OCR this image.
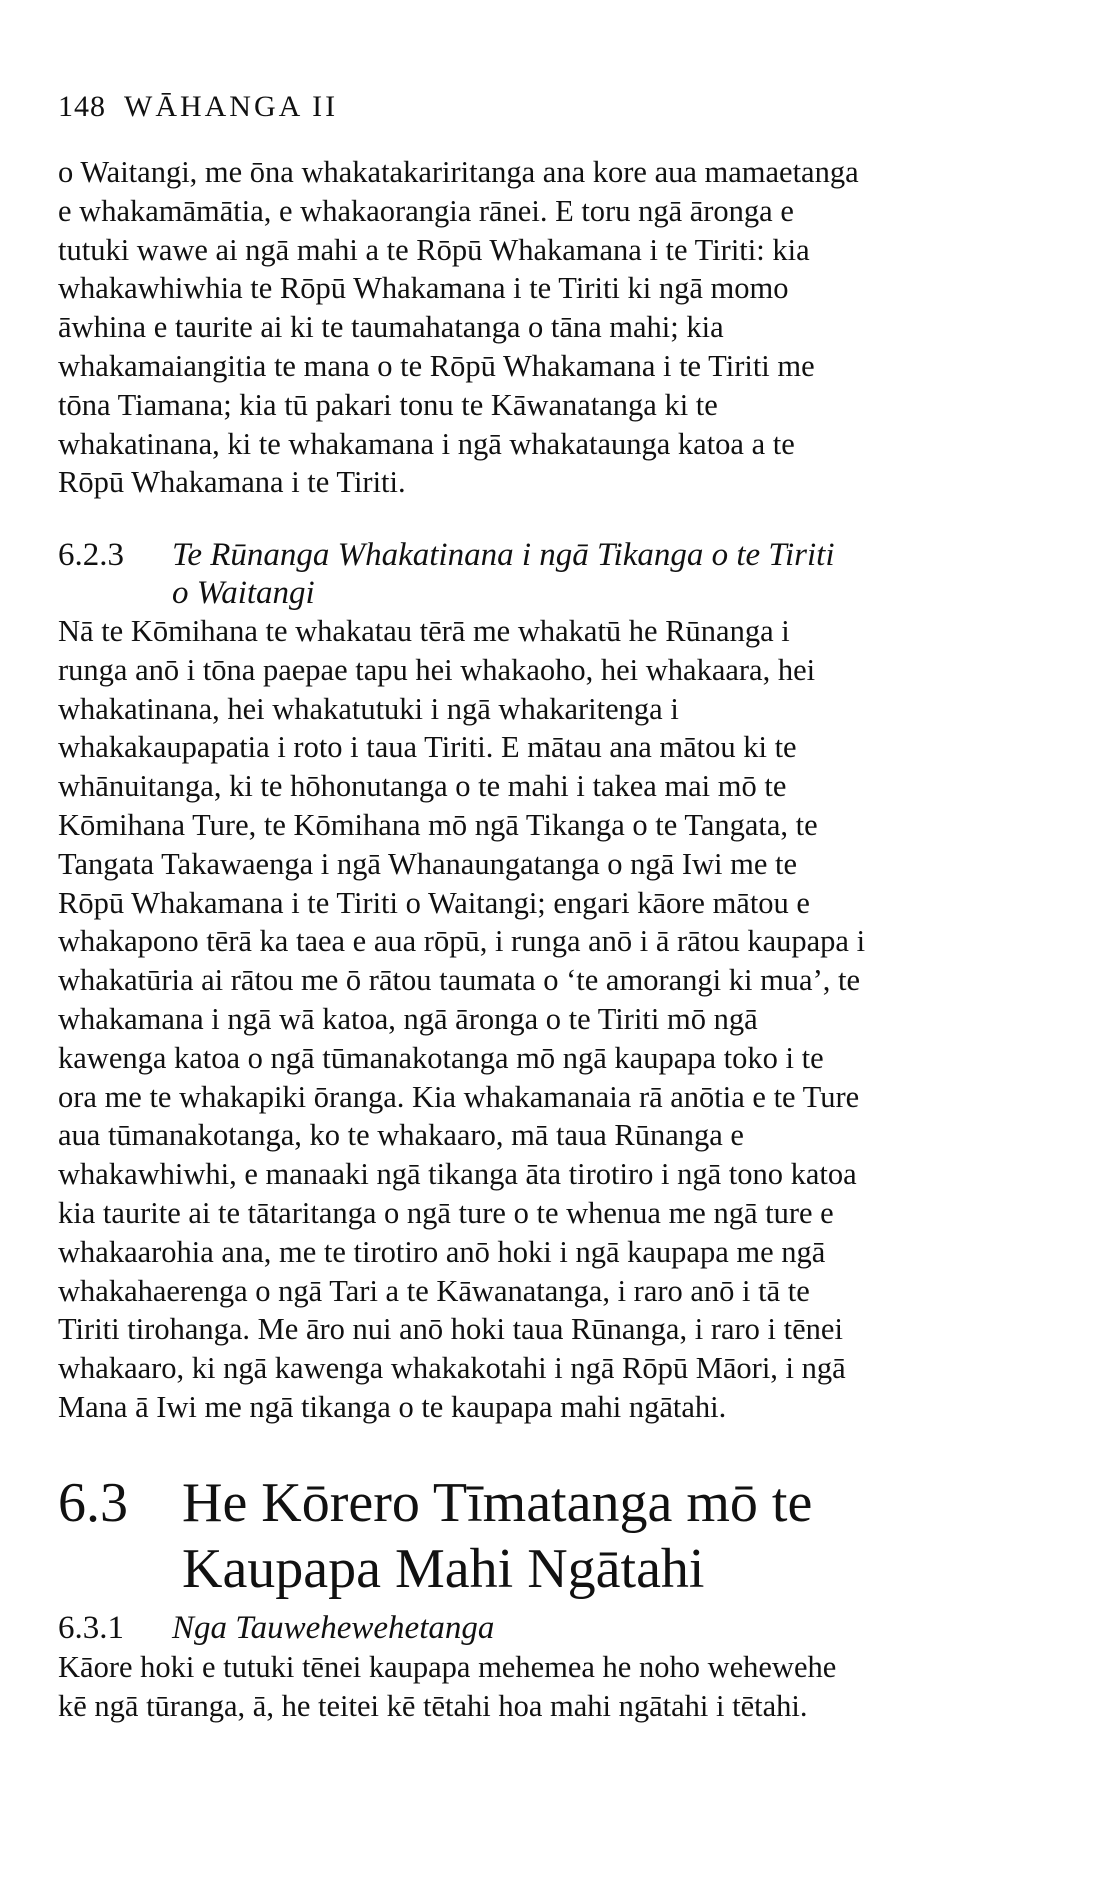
148 WĀHANGA II
o Waitangi, me ōna whakatakariritanga ana kore aua mamaetanga
e whakamāmātia, e whakaorangia rānei. E toru ngā āronga e
tutuki wawe ai ngā mahi a te Rōpū Whakamana i te Tiriti: kia
whakawhiwhia te Rōpū Whakamana i te Tiriti ki ngā momo
āwhina e taurite ai ki te taumahatanga o tāna mahi; kia
whakamaiangitia te mana o te Rōpū Whakamana i te Tiriti me
tōna Tiamana; kia tū pakari tonu te Kāwanatanga ki te
whakatinana, ki te whakamana i ngā whakataunga katoa a te
Rōpū Whakamana i te Tiriti.
6.2.3 Te Rūnanga Whakatinana i ngā Tikanga o te Tiriti
o Waitangi
Nā te Kōmihana te whakatau tērā me whakatū he Rūnanga i
runga anō i tōna paepae tapu hei whakaoho, hei whakaara, hei
whakatinana, hei whakatutuki i ngā whakaritenga i
whakakaupapatia i roto i taua Tiriti. E mātau ana mātou ki te
whānuitanga, ki te hōhonutanga o te mahi i takea mai mō te
Kōmihana Ture, te Kōmihana mō ngā Tikanga o te Tangata, te
Tangata Takawaenga i ngā Whanaungatanga o ngā Iwi me te
Rōpū Whakamana i te Tiriti o Waitangi; engari kāore mātou e
whakapono tērā ka taea e aua rōpū, i runga anō i ā rātou kaupapa i
whakatūria ai rātou me ō rātou taumata o ‘te amorangi ki mua’, te
whakamana i ngā wā katoa, ngā āronga o te Tiriti mō ngā
kawenga katoa o ngā tūmanakotanga mō ngā kaupapa toko i te
ora me te whakapiki ōranga. Kia whakamanaia rā anōtia e te Ture
aua tūmanakotanga, ko te whakaaro, mā taua Rūnanga e
whakawhiwhi, e manaaki ngā tikanga āta tirotiro i ngā tono katoa
kia taurite ai te tātaritanga o ngā ture o te whenua me ngā ture e
whakaarohia ana, me te tirotiro anō hoki i ngā kaupapa me ngā
whakahaerenga o ngā Tari a te Kāwanatanga, i raro anō i tā te
Tiriti tirohanga. Me āro nui anō hoki taua Rūnanga, i raro i tēnei
whakaaro, ki ngā kawenga whakakotahi i ngā Rōpū Māori, i ngā
Mana ā Iwi me ngā tikanga o te kaupapa mahi ngātahi.
6.3 He Kōrero Tīmatanga mō te
Kaupapa Mahi Ngātahi
6.3.1 Nga Tauwehewehetanga
Kāore hoki e tutuki tēnei kaupapa mehemea he noho wehewehe
kē ngā tūranga, ā, he teitei kē tētahi hoa mahi ngātahi i tētahi.
